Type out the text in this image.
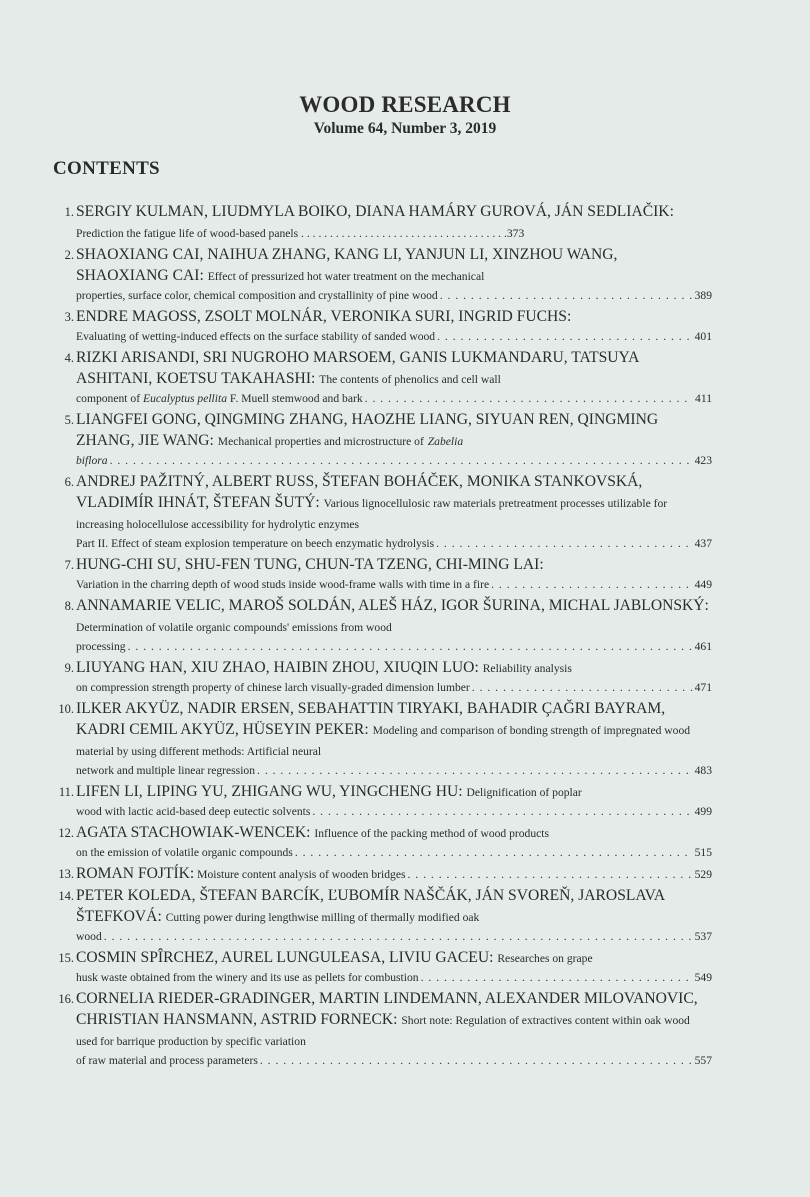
WOOD RESEARCH
Volume 64, Number 3, 2019
CONTENTS
1. SERGIY KULMAN, LIUDMYLA BOIKO, DIANA HAMÁRY GUROVÁ, JÁN SEDLIAČIK: Prediction the fatigue life of wood-based panels . . . . . . . . . . . . . . . . . . . . . . . . . . . . . . . . . . . .373
2. SHAOXIANG CAI, NAIHUA ZHANG, KANG LI, YANJUN LI, XINZHOU WANG, SHAOXIANG CAI: Effect of pressurized hot water treatment on the mechanical
properties, surface color, chemical composition and crystallinity of pine wood . . .	389
3. ENDRE MAGOSS, ZSOLT MOLNÁR, VERONIKA SURI, INGRID FUCHS:
Evaluating of wetting-induced effects on the surface stability of sanded wood . . .	401
4. RIZKI ARISANDI, SRI NUGROHO MARSOEM, GANIS LUKMANDARU, TATSUYA ASHITANI, KOETSU TAKAHASHI: The contents of phenolics and cell wall
component of Eucalyptus pellita F. Muell stemwood and bark . . .	411
5. LIANGFEI GONG, QINGMING ZHANG, HAOZHE LIANG, SIYUAN REN, QINGMING ZHANG, JIE WANG: Mechanical properties and microstructure of Zabelia
biflora . . .	423
6. ANDREJ PAŽITNÝ, ALBERT RUSS, ŠTEFAN BOHÁČEK, MONIKA STANKOVSKÁ, VLADIMÍR IHNÁT, ŠTEFAN ŠUTÝ: Various lignocellulosic raw materials pretreatment processes utilizable for increasing holocellulose accessibility for hydrolytic enzymes
Part II. Effect of steam explosion temperature on beech enzymatic hydrolysis . . .	437
7. HUNG-CHI SU, SHU-FEN TUNG, CHUN-TA TZENG, CHI-MING LAI:
Variation in the charring depth of wood studs inside wood-frame walls with time in a fire . . .	449
8. ANNAMARIE VELIC, MAROŠ SOLDÁN, ALEŠ HÁZ, IGOR ŠURINA, MICHAL JABLONSKÝ: Determination of volatile organic compounds' emissions from wood
processing . . .	461
9. LIUYANG HAN, XIU ZHAO, HAIBIN ZHOU, XIUQIN LUO: Reliability analysis
on compression strength property of chinese larch visually-graded dimension lumber . . .	471
10. ILKER AKYÜZ, NADIR ERSEN, SEBAHATTIN TIRYAKI, BAHADIR ÇAĞRI BAYRAM, KADRI CEMIL AKYÜZ, HÜSEYIN PEKER: Modeling and comparison of bonding strength of impregnated wood material by using different methods: Artificial neural
network and multiple linear regression . . .	483
11. LIFEN LI, LIPING YU, ZHIGANG WU, YINGCHENG HU: Delignification of poplar
wood with lactic acid-based deep eutectic solvents . . .	499
12. AGATA STACHOWIAK-WENCEK: Influence of the packing method of wood products
on the emission of volatile organic compounds . . .	515
13. ROMAN FOJTÍK: Moisture content analysis of wooden bridges . . .	529
14. PETER KOLEDA, ŠTEFAN BARCÍK, ĽUBOMÍR NAŠČÁK, JÁN SVOREŇ, JAROSLAVA ŠTEFKOVÁ: Cutting power during lengthwise milling of thermally modified oak
wood . . .	537
15. COSMIN SPÎRCHEZ, AUREL LUNGULEASA, LIVIU GACEU: Researches on grape
husk waste obtained from the winery and its use as pellets for combustion . . .	549
16. CORNELIA RIEDER-GRADINGER, MARTIN LINDEMANN, ALEXANDER MILOVANOVIC, CHRISTIAN HANSMANN, ASTRID FORNECK: Short note: Regulation of extractives content within oak wood used for barrique production by specific variation
of raw material and process parameters . . .	557
